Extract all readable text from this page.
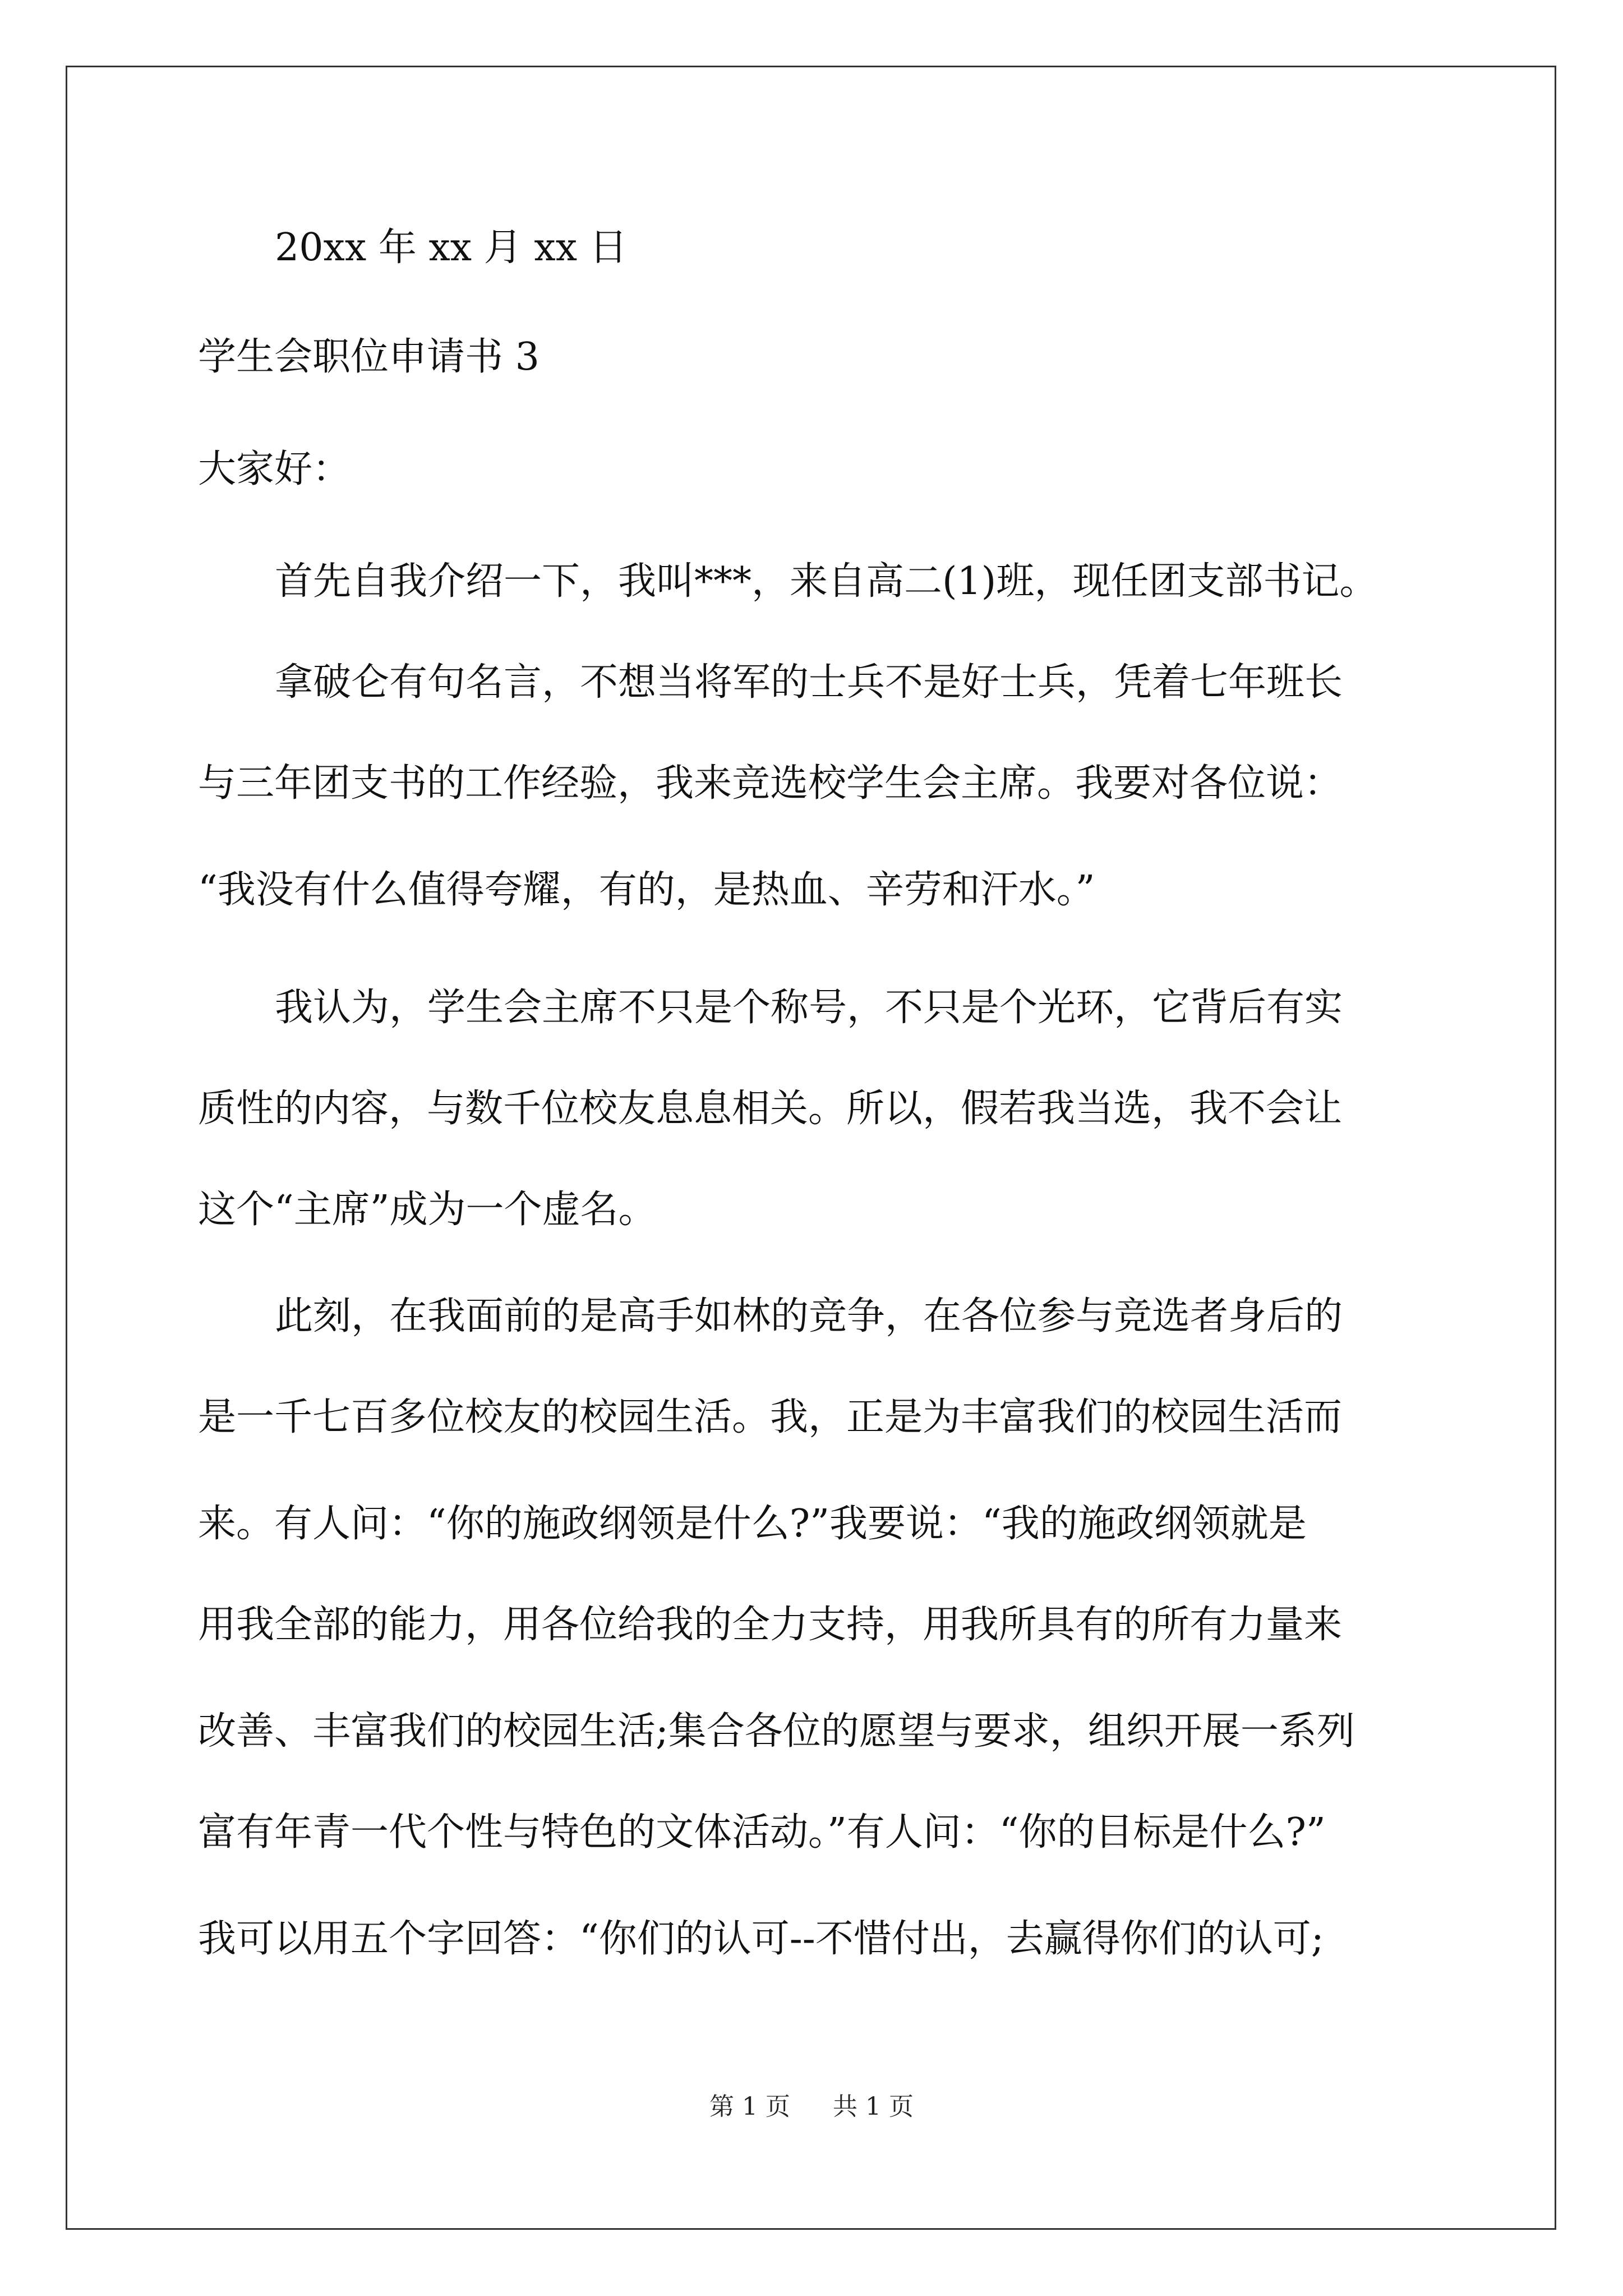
20xx 年 xx 月 xx 日

学生会职位申请书 3

大家好：

首先自我介绍一下，我叫***，来自高二(1)班，现任团支部书记。

拿破仑有句名言，不想当将军的士兵不是好士兵，凭着七年班长

与三年团支书的工作经验，我来竞选校学生会主席。我要对各位说：

“我没有什么值得夸耀，有的，是热血、辛劳和汗水。”

我认为，学生会主席不只是个称号，不只是个光环，它背后有实

质性的内容，与数千位校友息息相关。所以，假若我当选，我不会让

这个“主席”成为一个虚名。

此刻，在我面前的是高手如林的竞争，在各位参与竞选者身后的

是一千七百多位校友的校园生活。我，正是为丰富我们的校园生活而

来。有人问：“你的施政纲领是什么?”我要说：“我的施政纲领就是

用我全部的能力，用各位给我的全力支持，用我所具有的所有力量来

改善、丰富我们的校园生活;集合各位的愿望与要求，组织开展一系列

富有年青一代个性与特色的文体活动。”有人问：“你的目标是什么?”

我可以用五个字回答：“你们的认可--不惜付出，去赢得你们的认可;

第 1 页 共 1 页
